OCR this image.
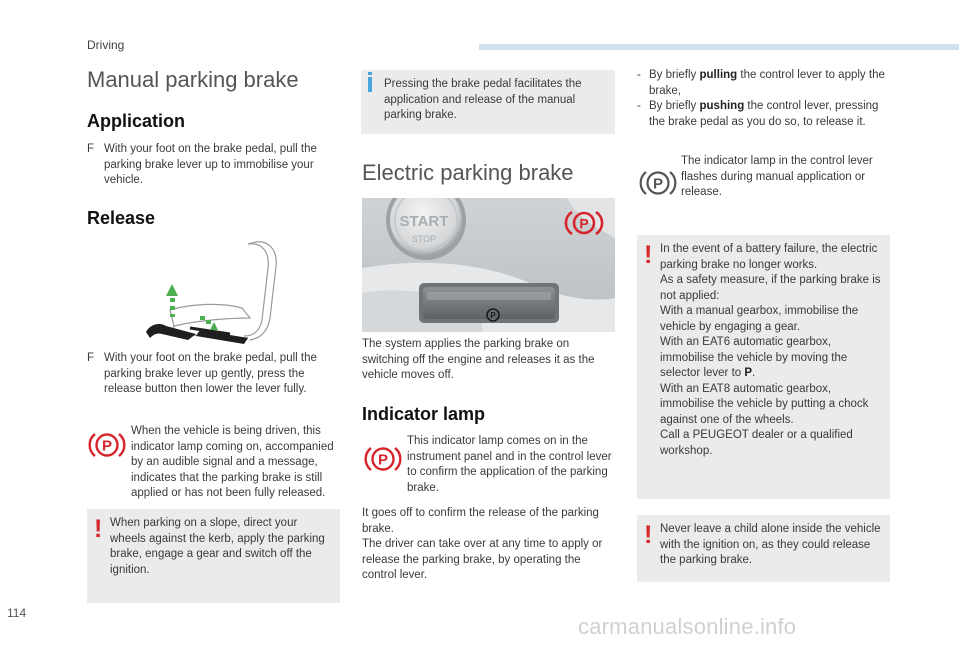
Driving
Manual parking brake
Application
F With your foot on the brake pedal, pull the parking brake lever up to immobilise your vehicle.
Release
F With your foot on the brake pedal, pull the parking brake lever up gently, press the release button then lower the lever fully.
P
When the vehicle is being driven, this indicator lamp coming on, accompanied by an audible signal and a message, indicates that the parking brake is still applied or has not been fully released.
! When parking on a slope, direct your wheels against the kerb, apply the parking brake, engage a gear and switch off the ignition.
Pressing the brake pedal facilitates the application and release of the manual parking brake.
Electric parking brake
START
STOP
P
P
The system applies the parking brake on switching off the engine and releases it as the vehicle moves off.
Indicator lamp
P
This indicator lamp comes on in the instrument panel and in the control lever to confirm the application of the parking brake.
It goes off to confirm the release of the parking brake.
The driver can take over at any time to apply or release the parking brake, by operating the control lever.
- By briefly pulling the control lever to apply the brake,
- By briefly pushing the control lever, pressing the brake pedal as you do so, to release it.
P
The indicator lamp in the control lever flashes during manual application or release.
! In the event of a battery failure, the electric parking brake no longer works.
As a safety measure, if the parking brake is not applied:
With a manual gearbox, immobilise the vehicle by engaging a gear.
With an EAT6 automatic gearbox, immobilise the vehicle by moving the selector lever to P.
With an EAT8 automatic gearbox, immobilise the vehicle by putting a chock against one of the wheels.
Call a PEUGEOT dealer or a qualified workshop.
! Never leave a child alone inside the vehicle with the ignition on, as they could release the parking brake.
114
carmanualsonline.info
